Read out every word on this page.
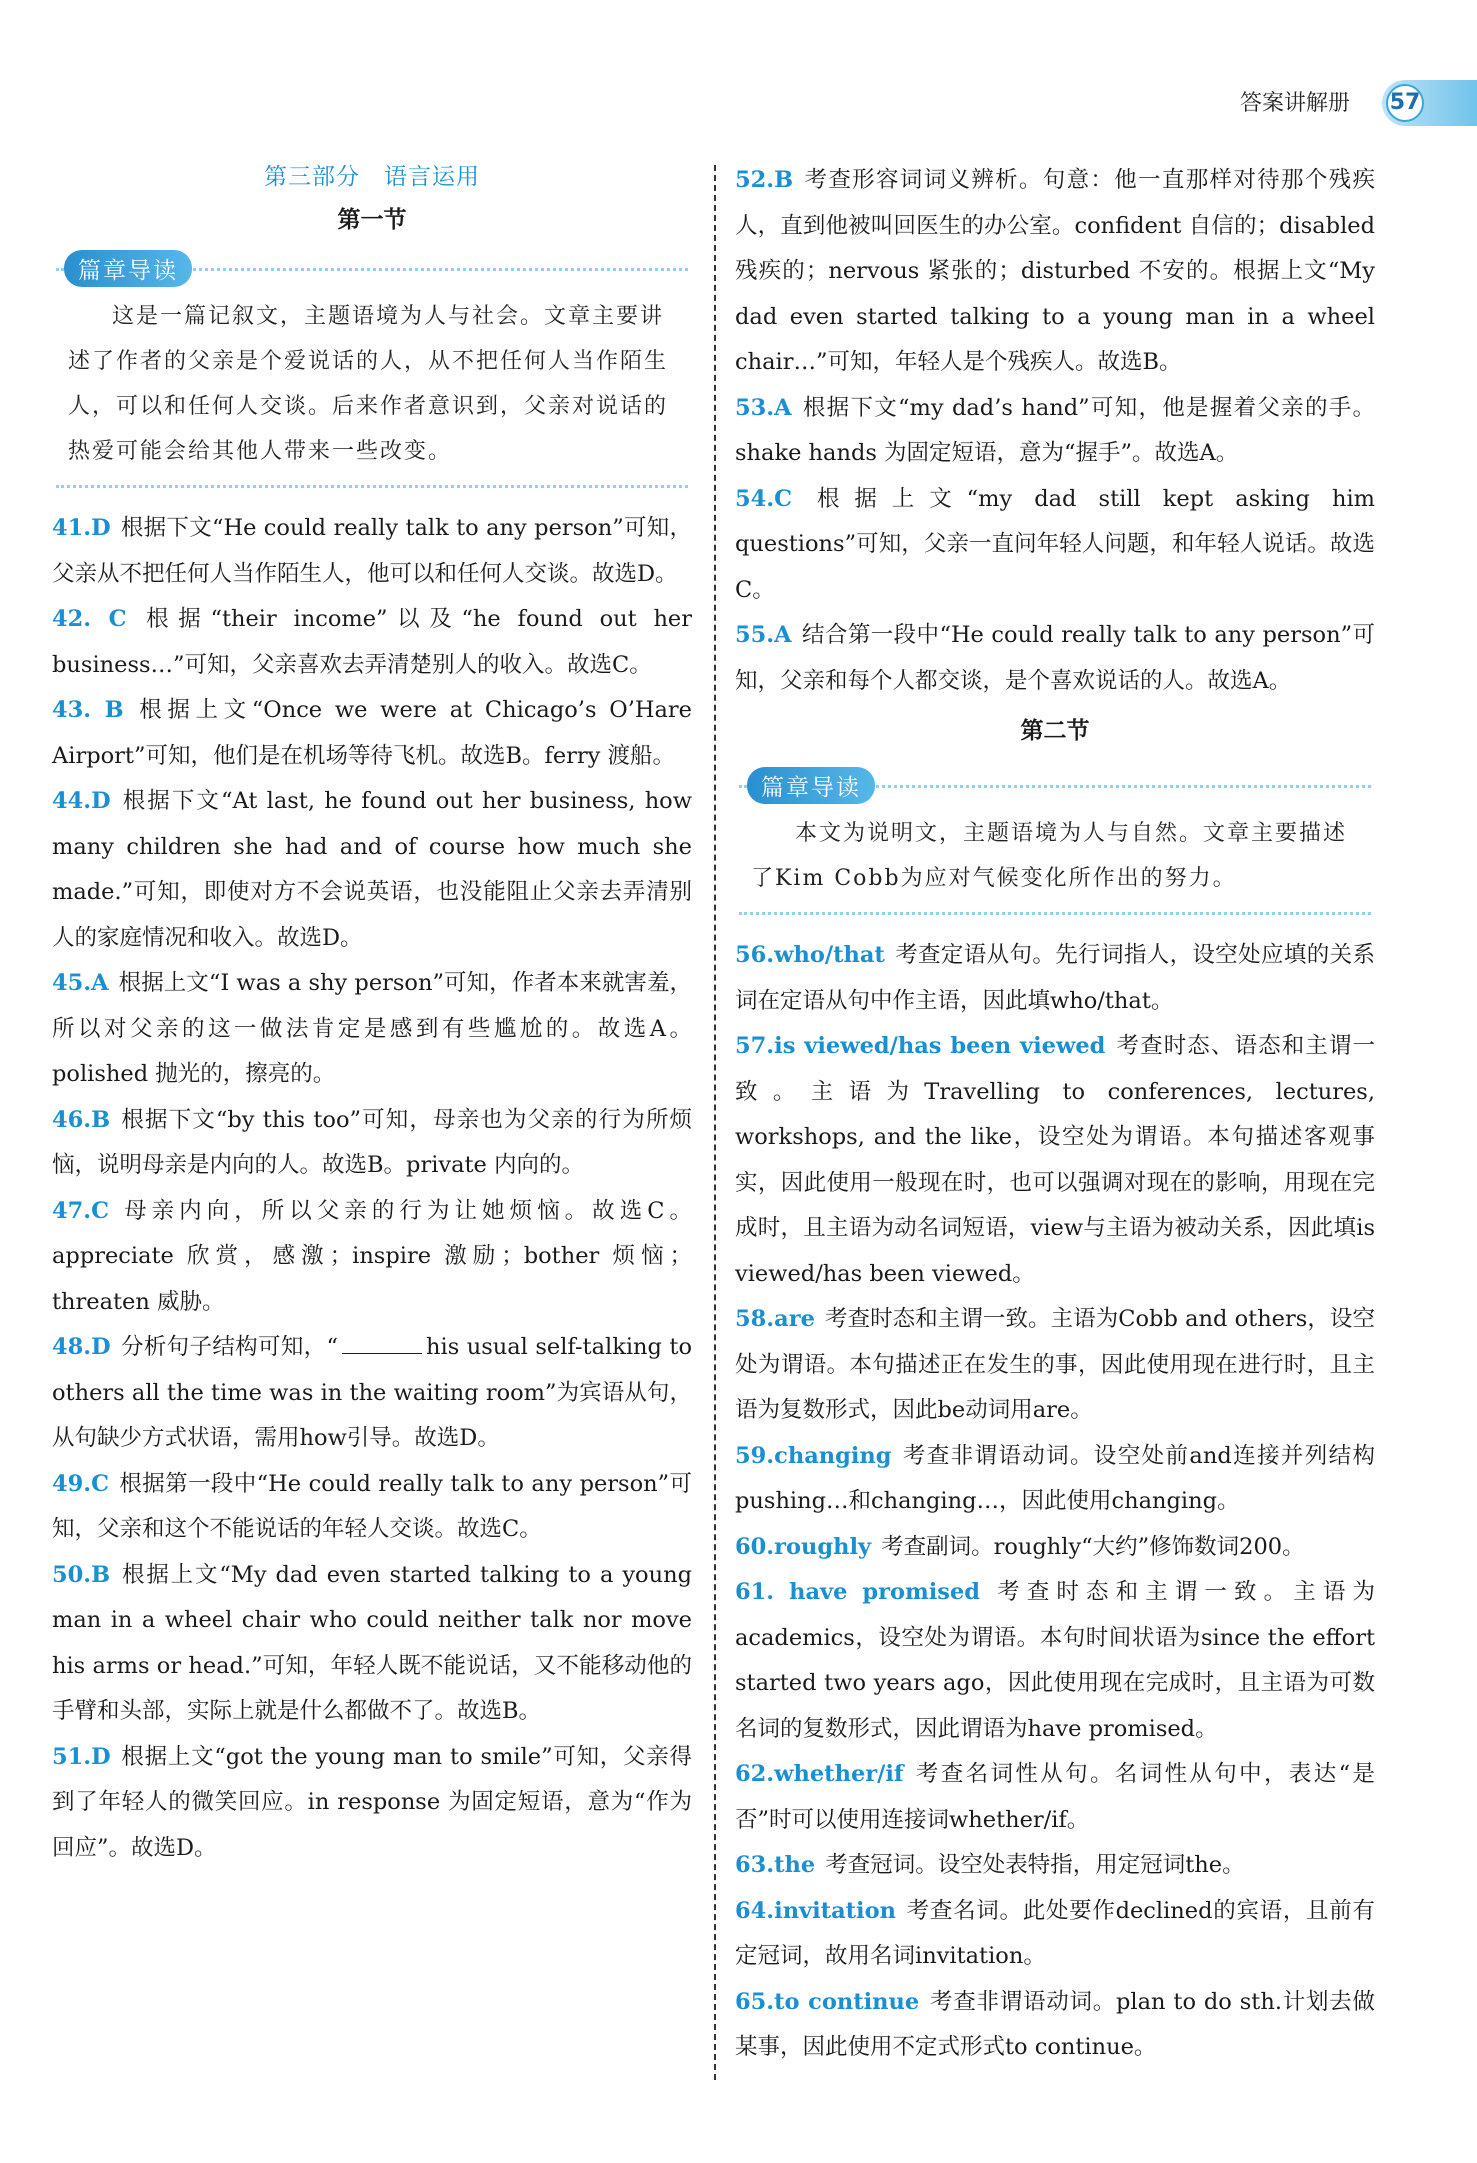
答案讲解册 57
第三部分　语言运用
第一节
篇章导读
这是一篇记叙文，主题语境为人与社会。文章主要讲述了作者的父亲是个爱说话的人，从不把任何人当作陌生人，可以和任何人交谈。后来作者意识到，父亲对说话的热爱可能会给其他人带来一些改变。

41.D 根据下文“He could really talk to any person”可知，父亲从不把任何人当作陌生人，他可以和任何人交谈。故选D。

42. C 根据“their income”以及“he found out her business…”可知，父亲喜欢去弄清楚别人的收入。故选C。

43. B 根据上文“Once we were at Chicago’s O’Hare Airport”可知，他们是在机场等待飞机。故选B。ferry 渡船。

44.D 根据下文“At last, he found out her business, how many children she had and of course how much she made.”可知，即使对方不会说英语，也没能阻止父亲去弄清别人的家庭情况和收入。故选D。

45.A 根据上文“I was a shy person”可知，作者本来就害羞，所以对父亲的这一做法肯定是感到有些尴尬的。故选A。polished 抛光的，擦亮的。

46.B 根据下文“by this too”可知，母亲也为父亲的行为所烦恼，说明母亲是内向的人。故选B。private 内向的。

47.C 母亲内向，所以父亲的行为让她烦恼。故选C。appreciate 欣赏，感激；inspire 激励；bother 烦恼；threaten 威胁。

48.D 分析句子结构可知，“	his usual self-talking to others all the time was in the waiting room”为宾语从句，从句缺少方式状语，需用how引导。故选D。

49.C 根据第一段中“He could really talk to any person”可知，父亲和这个不能说话的年轻人交谈。故选C。

50.B 根据上文“My dad even started talking to a young man in a wheel chair who could neither talk nor move his arms or head.”可知，年轻人既不能说话，又不能移动他的手臂和头部，实际上就是什么都做不了。故选B。

51.D 根据上文“got the young man to smile”可知，父亲得到了年轻人的微笑回应。in response 为固定短语，意为“作为回应”。故选D。

52.B 考查形容词词义辨析。句意：他一直那样对待那个残疾人，直到他被叫回医生的办公室。confident 自信的；disabled 残疾的；nervous 紧张的；disturbed 不安的。根据上文“My dad even started talking to a young man in a wheel chair…”可知，年轻人是个残疾人。故选B。

53.A 根据下文“my dad’s hand”可知，他是握着父亲的手。shake hands 为固定短语，意为“握手”。故选A。

54.C 根据上文“my dad still kept asking him questions”可知，父亲一直问年轻人问题，和年轻人说话。故选C。

55.A 结合第一段中“He could really talk to any person”可知，父亲和每个人都交谈，是个喜欢说话的人。故选A。

第二节
篇章导读
本文为说明文，主题语境为人与自然。文章主要描述了Kim Cobb为应对气候变化所作出的努力。

56.who/that 考查定语从句。先行词指人，设空处应填的关系词在定语从句中作主语，因此填who/that。

57.is viewed/has been viewed 考查时态、语态和主谓一致。主语为Travelling to conferences, lectures, workshops, and the like，设空处为谓语。本句描述客观事实，因此使用一般现在时，也可以强调对现在的影响，用现在完成时，且主语为动名词短语，view与主语为被动关系，因此填is viewed/has been viewed。

58.are 考查时态和主谓一致。主语为Cobb and others，设空处为谓语。本句描述正在发生的事，因此使用现在进行时，且主语为复数形式，因此be动词用are。

59.changing 考查非谓语动词。设空处前and连接并列结构pushing…和changing…，因此使用changing。

60.roughly 考查副词。roughly“大约”修饰数词200。

61. have promised 考查时态和主谓一致。主语为academics，设空处为谓语。本句时间状语为since the effort started two years ago，因此使用现在完成时，且主语为可数名词的复数形式，因此谓语为have promised。

62.whether/if 考查名词性从句。名词性从句中，表达“是否”时可以使用连接词whether/if。

63.the 考查冠词。设空处表特指，用定冠词the。

64.invitation 考查名词。此处要作declined的宾语，且前有定冠词，故用名词invitation。

65.to continue 考查非谓语动词。plan to do sth.计划去做某事，因此使用不定式形式to continue。
